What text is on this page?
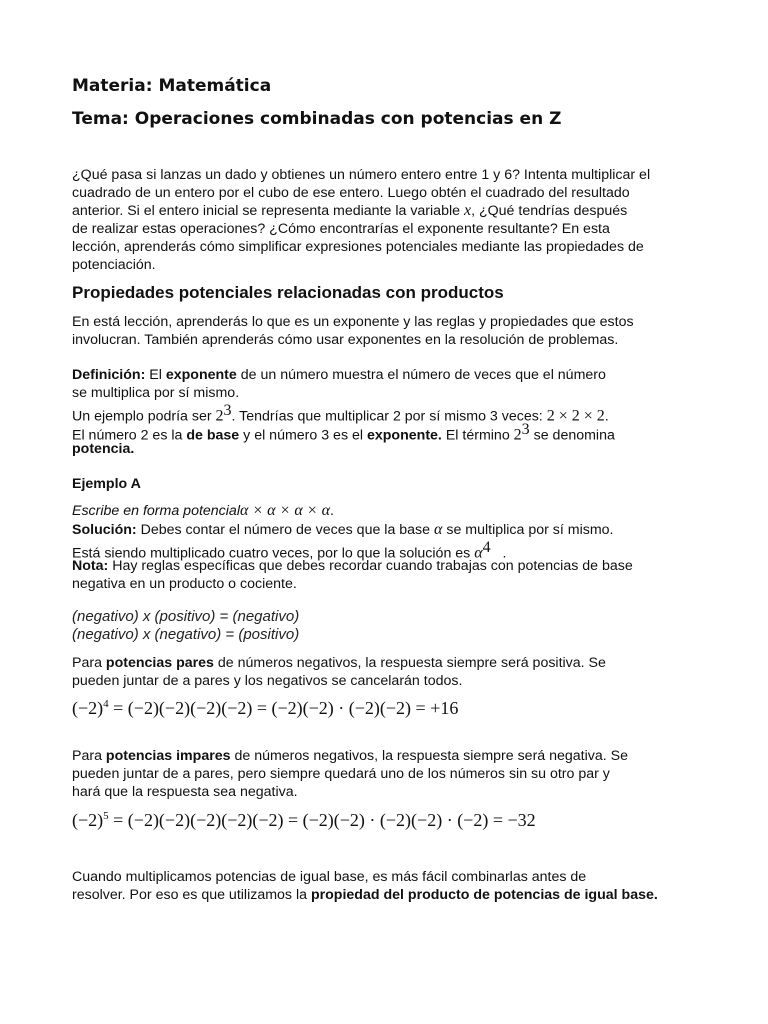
Materia: Matemática

Tema: Operaciones combinadas con potencias en Z

¿Qué pasa si lanzas un dado y obtienes un número entero entre 1 y 6? Intenta multiplicar el

cuadrado de un entero por el cubo de ese entero. Luego obtén el cuadrado del resultado

anterior. Si el entero inicial se representa mediante la variable x, ¿Qué tendrías después

de realizar estas operaciones? ¿Cómo encontrarías el exponente resultante? En esta

lección, aprenderás cómo simplificar expresiones potenciales mediante las propiedades de

potenciación.

Propiedades potenciales relacionadas con productos

En está lección, aprenderás lo que es un exponente y las reglas y propiedades que estos

involucran. También aprenderás cómo usar exponentes en la resolución de problemas.

Definición: El exponente de un número muestra el número de veces que el número

se multiplica por sí mismo.

Un ejemplo podría ser $2^3$. Tendrías que multiplicar 2 por sí mismo 3 veces: 2 × 2 × 2.

El número 2 es la de base y el número 3 es el exponente. El término $2^3$ se denomina

potencia.

Ejemplo A

Escribe en forma potencialα × α × α × α.

Solución: Debes contar el número de veces que la base α se multiplica por sí mismo.

Está siendo multiplicado cuatro veces, por lo que la solución es $\alpha^4$ .

Nota: Hay reglas específicas que debes recordar cuando trabajas con potencias de base

negativa en un producto o cociente.

(negativo) x (positivo) = (negativo)

(negativo) x (negativo) = (positivo)

Para potencias pares de números negativos, la respuesta siempre será positiva. Se

pueden juntar de a pares y los negativos se cancelarán todos.

$(-2)^4 = (-2)(-2)(-2)(-2) = (-2)(-2) \cdot (-2)(-2) = +16$

Para potencias impares de números negativos, la respuesta siempre será negativa. Se

pueden juntar de a pares, pero siempre quedará uno de los números sin su otro par y

hará que la respuesta sea negativa.

$(-2)^5 = (-2)(-2)(-2)(-2)(-2) = (-2)(-2) \cdot (-2)(-2) \cdot (-2) = -32$

Cuando multiplicamos potencias de igual base, es más fácil combinarlas antes de

resolver. Por eso es que utilizamos la propiedad del producto de potencias de igual base.
